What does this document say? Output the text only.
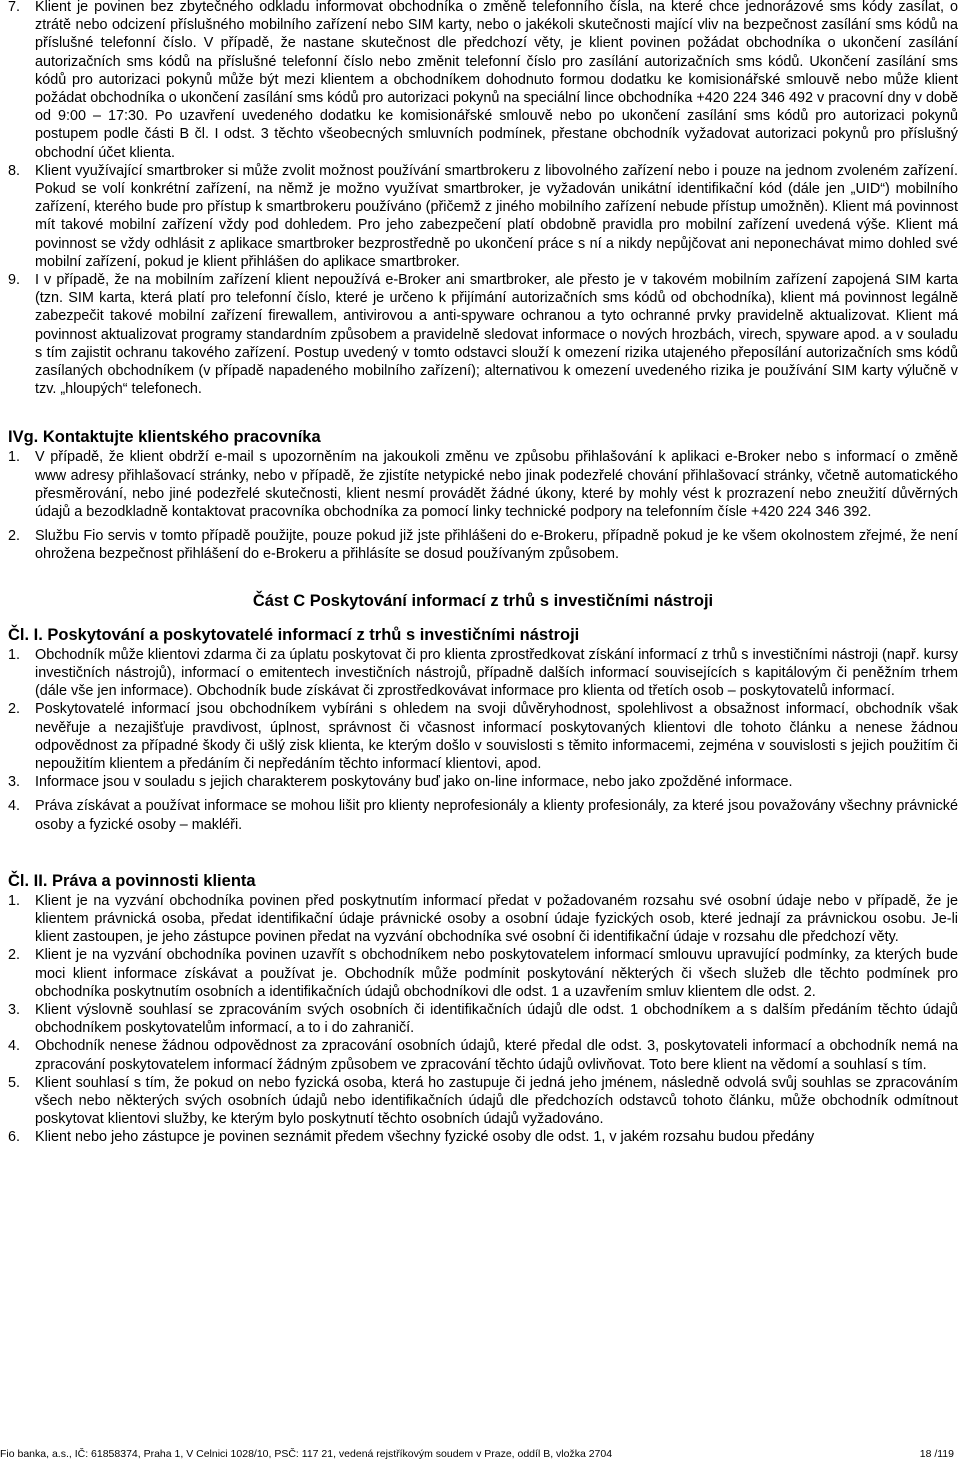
7.	Klient je povinen bez zbytečného odkladu informovat obchodníka o změně telefonního čísla, na které chce jednorázové sms kódy zasílat, o ztrátě nebo odcizení příslušného mobilního zařízení nebo SIM karty, nebo o jakékoli skutečnosti mající vliv na bezpečnost zasílání sms kódů na příslušné telefonní číslo. V případě, že nastane skutečnost dle předchozí věty, je klient povinen požádat obchodníka o ukončení zasílání autorizačních sms kódů na příslušné telefonní číslo nebo změnit telefonní číslo pro zasílání autorizačních sms kódů. Ukončení zasílání sms kódů pro autorizaci pokynů může být mezi klientem a obchodníkem dohodnuto formou dodatku ke komisionářské smlouvě nebo může klient požádat obchodníka o ukončení zasílání sms kódů pro autorizaci pokynů na speciální lince obchodníka +420 224 346 492 v pracovní dny v době od 9:00 – 17:30. Po uzavření uvedeného dodatku ke komisionářské smlouvě nebo po ukončení zasílání sms kódů pro autorizaci pokynů postupem podle části B čl. I odst. 3 těchto všeobecných smluvních podmínek, přestane obchodník vyžadovat autorizaci pokynů pro příslušný obchodní účet klienta.
8.	Klient využívající smartbroker si může zvolit možnost používání smartbrokeru z libovolného zařízení nebo i pouze na jednom zvoleném zařízení. Pokud se volí konkrétní zařízení, na němž je možno využívat smartbroker, je vyžadován unikátní identifikační kód (dále jen „UID“) mobilního zařízení, kterého bude pro přístup k smartbrokeru používáno (přičemž z jiného mobilního zařízení nebude přístup umožněn). Klient má povinnost mít takové mobilní zařízení vždy pod dohledem. Pro jeho zabezpečení platí obdobně pravidla pro mobilní zařízení uvedená výše. Klient má povinnost se vždy odhlásit z aplikace smartbroker bezprostředně po ukončení práce s ní a nikdy nepůjčovat ani neponechávat mimo dohled své mobilní zařízení, pokud je klient přihlášen do aplikace smartbroker.
9.	I v případě, že na mobilním zařízení klient nepoužívá e-Broker ani smartbroker, ale přesto je v takovém mobilním zařízení zapojená SIM karta (tzn. SIM karta, která platí pro telefonní číslo, které je určeno k přijímání autorizačních sms kódů od obchodníka), klient má povinnost legálně zabezpečit takové mobilní zařízení firewallem, antivirovou a anti-spyware ochranou a tyto ochranné prvky pravidelně aktualizovat. Klient má povinnost aktualizovat programy standardním způsobem a pravidelně sledovat informace o nových hrozbách, virech, spyware apod. a v souladu s tím zajistit ochranu takového zařízení. Postup uvedený v tomto odstavci slouží k omezení rizika utajeného přeposílání autorizačních sms kódů zasílaných obchodníkem (v případě napadeného mobilního zařízení); alternativou k omezení uvedeného rizika je používání SIM karty výlučně v tzv. „hloupých“ telefonech.
IVg. Kontaktujte klientského pracovníka
1.	V případě, že klient obdrží e-mail s upozorněním na jakoukoli změnu ve způsobu přihlašování k aplikaci e-Broker nebo s informací o změně www adresy přihlašovací stránky, nebo v případě, že zjistíte netypické nebo jinak podezřelé chování přihlašovací stránky, včetně automatického přesměrování, nebo jiné podezřelé skutečnosti, klient nesmí provádět žádné úkony, které by mohly vést k prozrazení nebo zneužití důvěrných údajů a bezodkladně kontaktovat pracovníka obchodníka za pomocí linky technické podpory na telefonním čísle +420 224 346 392.
2.	Službu Fio servis v tomto případě použijte, pouze pokud již jste přihlášeni do e-Brokeru, případně pokud je ke všem okolnostem zřejmé, že není ohrožena bezpečnost přihlášení do e-Brokeru a přihlásíte se dosud používaným způsobem.
Část C Poskytování informací z trhů s investičními nástroji
Čl. I. Poskytování a poskytovatelé informací z trhů s investičními nástroji
1.	Obchodník může klientovi zdarma či za úplatu poskytovat či pro klienta zprostředkovat získání informací z trhů s investičními nástroji (např. kursy investičních nástrojů), informací o emitentech investičních nástrojů, případně dalších informací souvisejících s kapitálovým či peněžním trhem (dále vše jen informace). Obchodník bude získávat či zprostředkovávat informace pro klienta od třetích osob – poskytovatelů informací.
2.	Poskytovatelé informací jsou obchodníkem vybíráni s ohledem na svoji důvěryhodnost, spolehlivost a obsažnost informací, obchodník však nevěřuje a nezajišťuje pravdivost, úplnost, správnost či včasnost informací poskytovaných klientovi dle tohoto článku a nenese žádnou odpovědnost za případné škody či ušlý zisk klienta, ke kterým došlo v souvislosti s těmito informacemi, zejména v souvislosti s jejich použitím či nepoužitím klientem a předáním či nepředáním těchto informací klientovi, apod.
3.	Informace jsou v souladu s jejich charakterem poskytovány buď jako on-line informace, nebo jako zpožděné informace.
4.	Práva získávat a používat informace se mohou lišit pro klienty neprofesionály a klienty profesionály, za které jsou považovány všechny právnické osoby a fyzické osoby – makléři.
Čl. II. Práva a povinnosti klienta
1.	Klient je na vyzvání obchodníka povinen před poskytnutím informací předat v požadovaném rozsahu své osobní údaje nebo v případě, že je klientem právnická osoba, předat identifikační údaje právnické osoby a osobní údaje fyzických osob, které jednají za právnickou osobu. Je-li klient zastoupen, je jeho zástupce povinen předat na vyzvání obchodníka své osobní či identifikační údaje v rozsahu dle předchozí věty.
2.	Klient je na vyzvání obchodníka povinen uzavřít s obchodníkem nebo poskytovatelem informací smlouvu upravující podmínky, za kterých bude moci klient informace získávat a používat je. Obchodník může podmínit poskytování některých či všech služeb dle těchto podmínek pro obchodníka poskytnutím osobních a identifikačních údajů obchodníkovi dle odst. 1 a uzavřením smluv klientem dle odst. 2.
3.	Klient výslovně souhlasí se zpracováním svých osobních či identifikačních údajů dle odst. 1 obchodníkem a s dalším předáním těchto údajů obchodníkem poskytovatelům informací, a to i do zahraničí.
4.	Obchodník nenese žádnou odpovědnost za zpracování osobních údajů, které předal dle odst. 3, poskytovateli informací a obchodník nemá na zpracování poskytovatelem informací žádným způsobem ve zpracování těchto údajů ovlivňovat. Toto bere klient na vědomí a souhlasí s tím.
5.	Klient souhlasí s tím, že pokud on nebo fyzická osoba, která ho zastupuje či jedná jeho jménem, následně odvolá svůj souhlas se zpracováním všech nebo některých svých osobních údajů nebo identifikačních údajů dle předchozích odstavců tohoto článku, může obchodník odmítnout poskytovat klientovi služby, ke kterým bylo poskytnutí těchto osobních údajů vyžadováno.
6.	Klient nebo jeho zástupce je povinen seznámit předem všechny fyzické osoby dle odst. 1, v jakém rozsahu budou předány
Fio banka, a.s., IČ: 61858374, Praha 1, V Celnici 1028/10, PSČ: 117 21, vedená rejstříkovým soudem v Praze, oddíl B, vložka 2704	18 /119
